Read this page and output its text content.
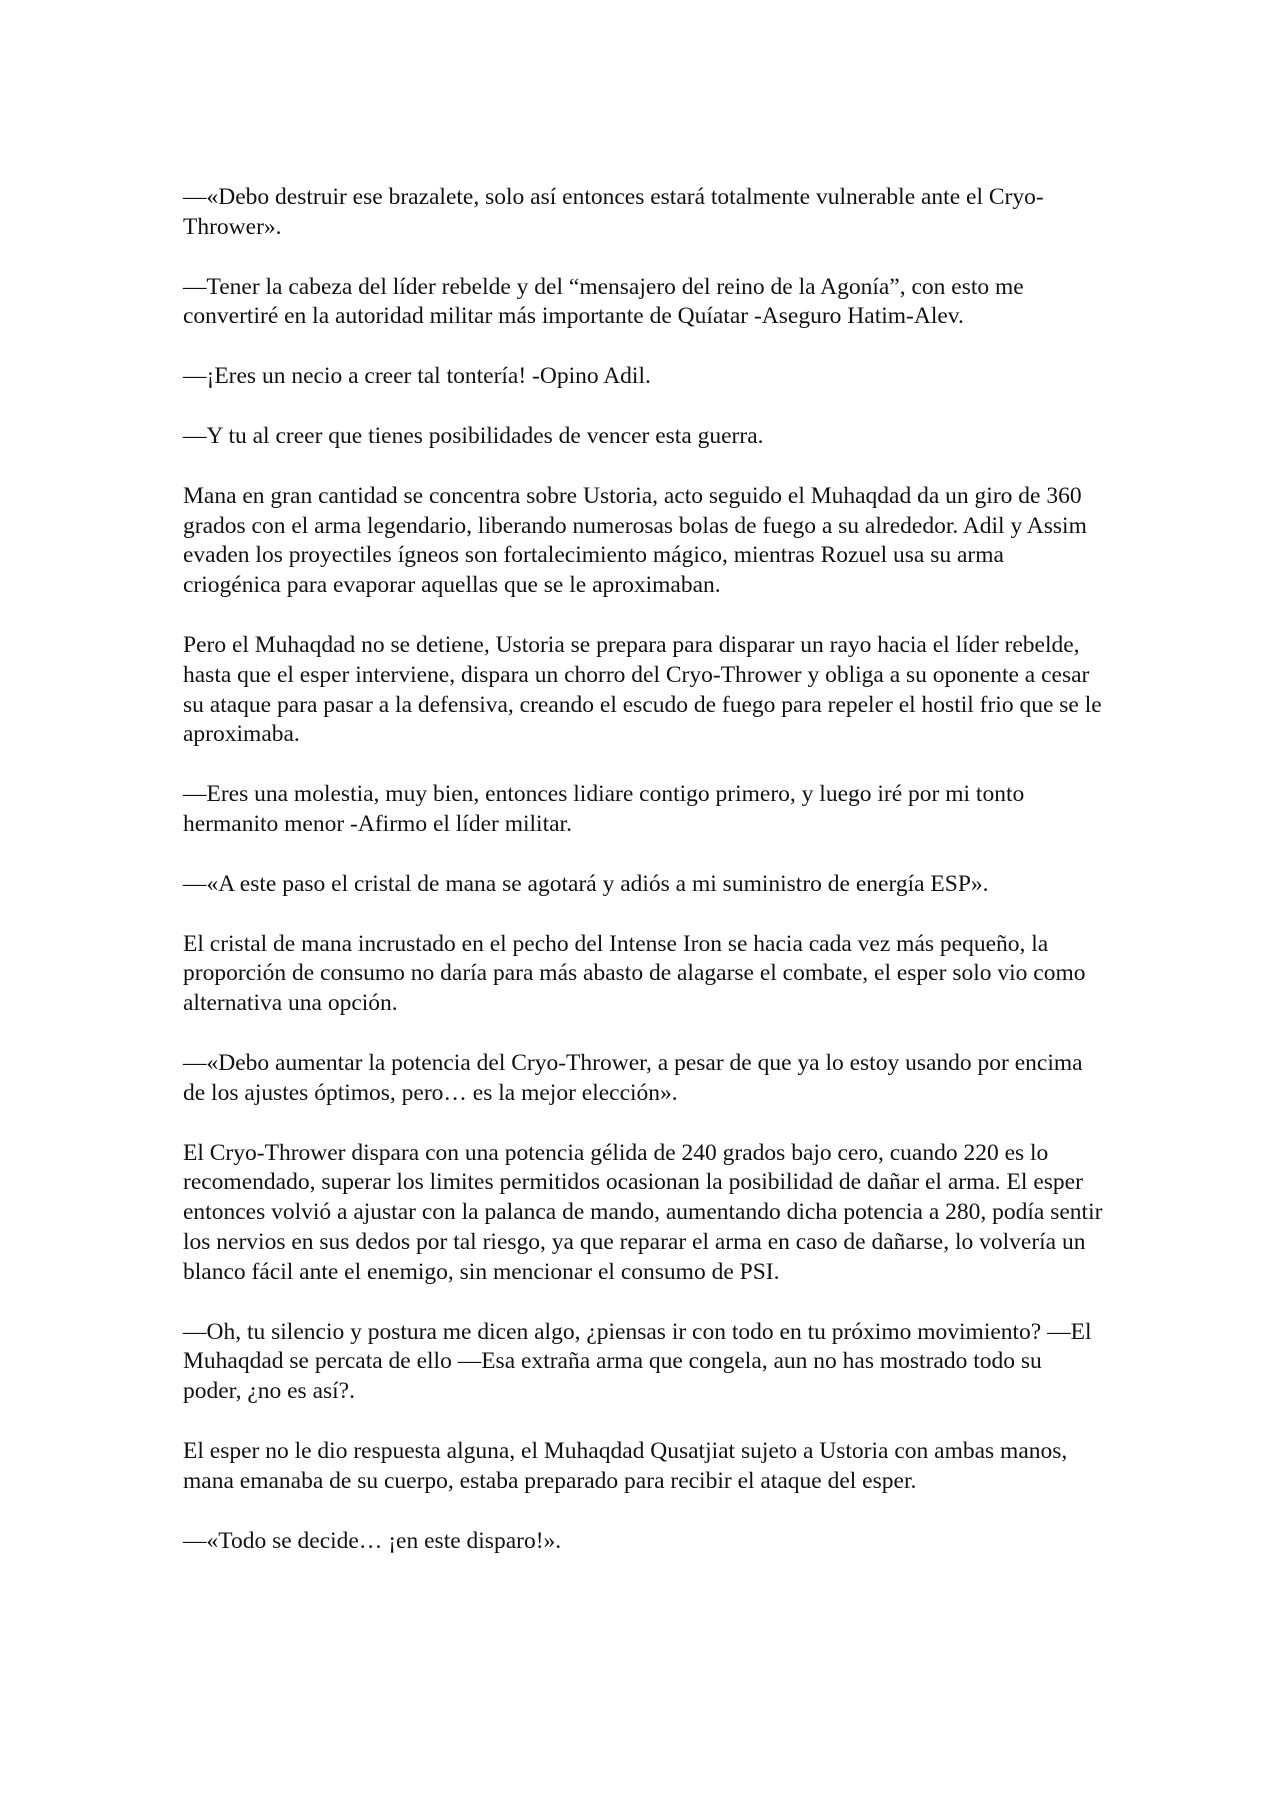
—«Debo destruir ese brazalete, solo así entonces estará totalmente vulnerable ante el Cryo-Thrower».

—Tener la cabeza del líder rebelde y del “mensajero del reino de la Agonía”, con esto me convertiré en la autoridad militar más importante de Quíatar -Aseguro Hatim-Alev.

—¡Eres un necio a creer tal tontería! -Opino Adil.

—Y tu al creer que tienes posibilidades de vencer esta guerra.

Mana en gran cantidad se concentra sobre Ustoria, acto seguido el Muhaqdad da un giro de 360 grados con el arma legendario, liberando numerosas bolas de fuego a su alrededor. Adil y Assim evaden los proyectiles ígneos son fortalecimiento mágico, mientras Rozuel usa su arma criogénica para evaporar aquellas que se le aproximaban.

Pero el Muhaqdad no se detiene, Ustoria se prepara para disparar un rayo hacia el líder rebelde, hasta que el esper interviene, dispara un chorro del Cryo-Thrower y obliga a su oponente a cesar su ataque para pasar a la defensiva, creando el escudo de fuego para repeler el hostil frio que se le aproximaba.

—Eres una molestia, muy bien, entonces lidiare contigo primero, y luego iré por mi tonto hermanito menor -Afirmo el líder militar.

—«A este paso el cristal de mana se agotará y adiós a mi suministro de energía ESP».

El cristal de mana incrustado en el pecho del Intense Iron se hacia cada vez más pequeño, la proporción de consumo no daría para más abasto de alagarse el combate, el esper solo vio como alternativa una opción.

—«Debo aumentar la potencia del Cryo-Thrower, a pesar de que ya lo estoy usando por encima de los ajustes óptimos, pero… es la mejor elección».

El Cryo-Thrower dispara con una potencia gélida de 240 grados bajo cero, cuando 220 es lo recomendado, superar los limites permitidos ocasionan la posibilidad de dañar el arma. El esper entonces volvió a ajustar con la palanca de mando, aumentando dicha potencia a 280, podía sentir los nervios en sus dedos por tal riesgo, ya que reparar el arma en caso de dañarse, lo volvería un blanco fácil ante el enemigo, sin mencionar el consumo de PSI.

—Oh, tu silencio y postura me dicen algo, ¿piensas ir con todo en tu próximo movimiento? —El Muhaqdad se percata de ello —Esa extraña arma que congela, aun no has mostrado todo su poder, ¿no es así?.

El esper no le dio respuesta alguna, el Muhaqdad Qusatjiat sujeto a Ustoria con ambas manos, mana emanaba de su cuerpo, estaba preparado para recibir el ataque del esper.

—«Todo se decide… ¡en este disparo!».
